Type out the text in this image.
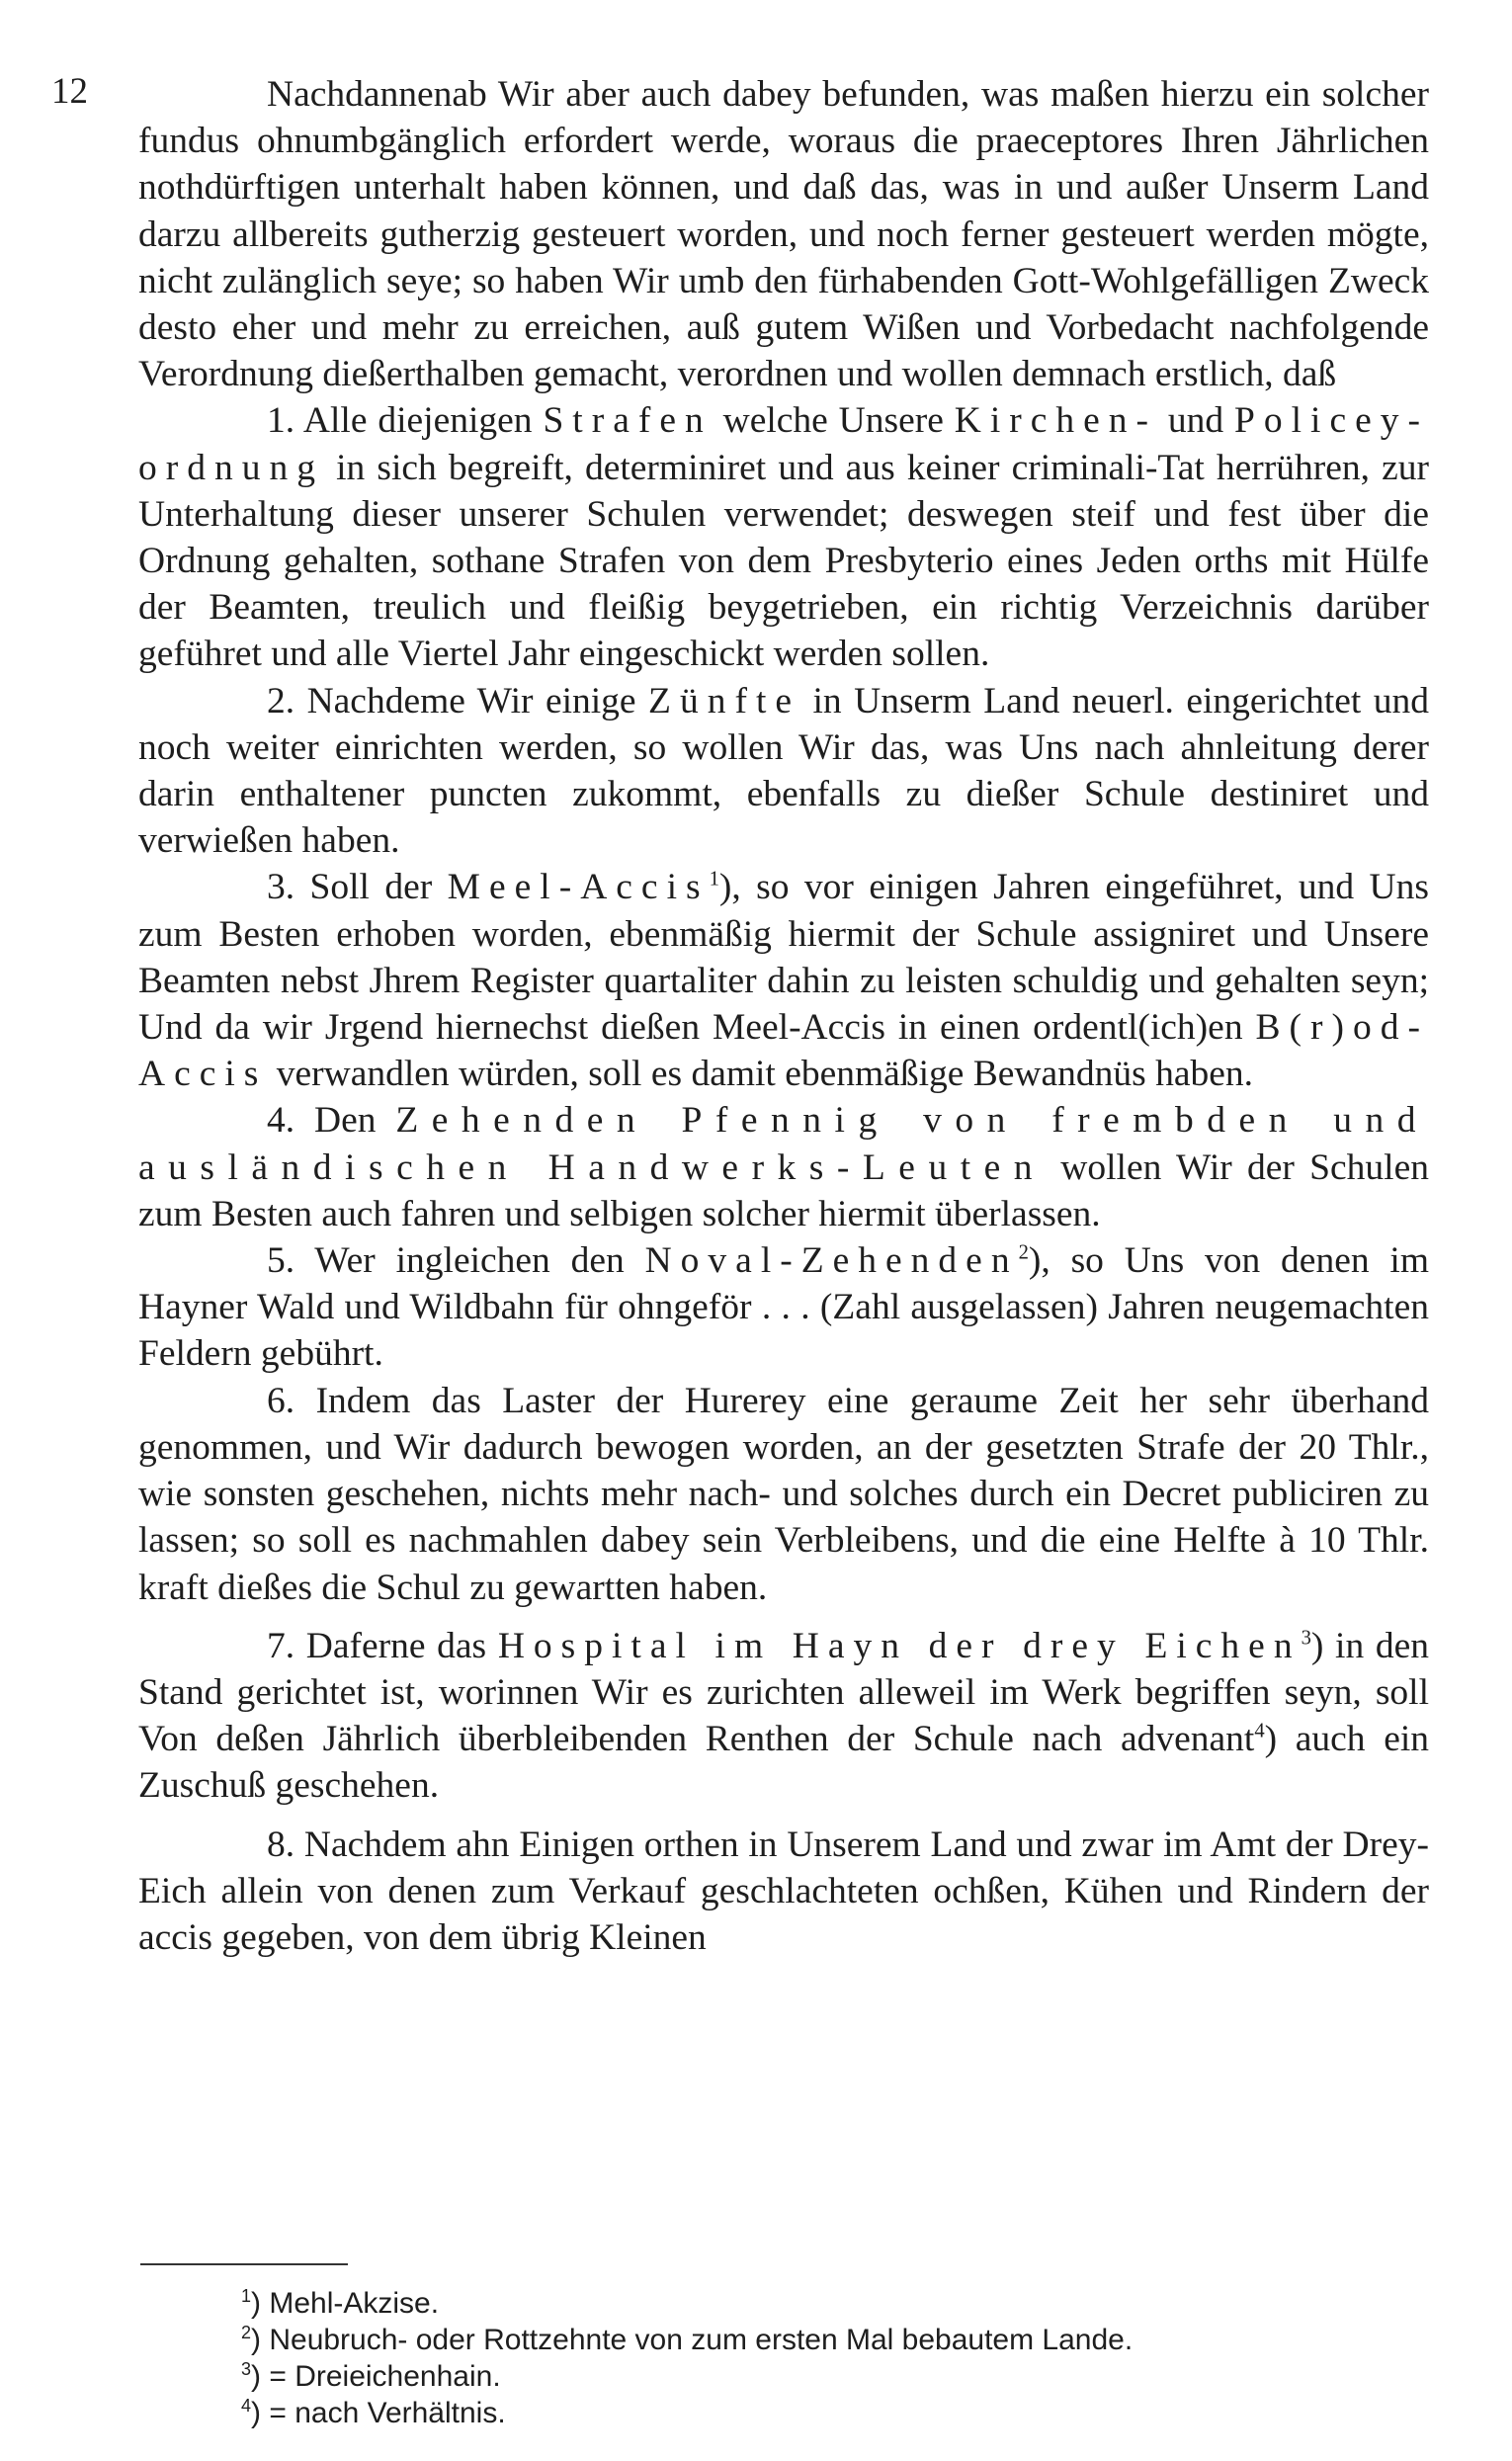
12	Nachdannenab Wir aber auch dabey befunden, was maßen hierzu ein solcher fundus ohnumbgänglich erfordert werde, woraus die praeceptores Ihren Jährlichen nothdürftigen unterhalt haben können, und daß das, was in und außer Unserm Land darzu allbereits gutherzig gesteuert worden, und noch ferner gesteuert werden mögte, nicht zulänglich seye; so haben Wir umb den fürhabenden Gott-Wohlgefälligen Zweck desto eher und mehr zu erreichen, auß gutem Wißen und Vorbedacht nachfolgende Verordnung dießerthalben gemacht, verordnen und wollen demnach erstlich, daß

1. Alle diejenigen Strafen welche Unsere Kirchen- und Policey-ordnung in sich begreift, determiniret und aus keiner criminali-Tat herrühren, zur Unterhaltung dieser unserer Schulen verwendet; deswegen steif und fest über die Ordnung gehalten, sothane Strafen von dem Presbyterio eines Jeden orths mit Hülfe der Beamten, treulich und fleißig beygetrieben, ein richtig Verzeichnis darüber geführet und alle Viertel Jahr eingeschickt werden sollen.

2. Nachdeme Wir einige Zünfte in Unserm Land neuerl. eingerichtet und noch weiter einrichten werden, so wollen Wir das, was Uns nach ahnleitung derer darin enthaltener puncten zukommt, ebenfalls zu dießer Schule destiniret und verwießen haben.

3. Soll der Meel-Accis$^1$), so vor einigen Jahren eingeführet, und Uns zum Besten erhoben worden, ebenmäßig hiermit der Schule assigniret und Unsere Beamten nebst Jhrem Register quartaliter dahin zu leisten schuldig und gehalten seyn; Und da wir Jrgend hiernechst dießen Meel-Accis in einen ordentl(ich)en B(r)od-Accis verwandlen würden, soll es damit ebenmäßige Bewandnüs haben.

4. Den Zehenden Pfennig von frembden und ausländischen Handwerks-Leuten wollen Wir der Schulen zum Besten auch fahren und selbigen solcher hiermit überlassen.

5. Wer ingleichen den Noval-Zehenden$^2$), so Uns von denen im Hayner Wald und Wildbahn für ohngeför . . . (Zahl ausgelassen) Jahren neugemachten Feldern gebührt.

6. Indem das Laster der Hurerey eine geraume Zeit her sehr überhand genommen, und Wir dadurch bewogen worden, an der gesetzten Strafe der 20 Thlr., wie sonsten geschehen, nichts mehr nach- und solches durch ein Decret publiciren zu lassen; so soll es nachmahlen dabey sein Verbleibens, und die eine Helfte à 10 Thlr. kraft dießes die Schul zu gewartten haben.

7. Daferne das Hospital im Hayn der drey Eichen$^3$) in den Stand gerichtet ist, worinnen Wir es zurichten alleweil im Werk begriffen seyn, soll Von deßen Jährlich überbleibenden Renthen der Schule nach advenant$^4$) auch ein Zuschuß geschehen.

8. Nachdem ahn Einigen orthen in Unserem Land und zwar im Amt der Drey-Eich allein von denen zum Verkauf geschlachteten ochßen, Kühen und Rindern der accis gegeben, von dem übrig Kleinen

$^1$) Mehl-Akzise.
$^2$) Neubruch- oder Rottzehnte von zum ersten Mal bebautem Lande.
$^3$) = Dreieichenhain.
$^4$) = nach Verhältnis.
